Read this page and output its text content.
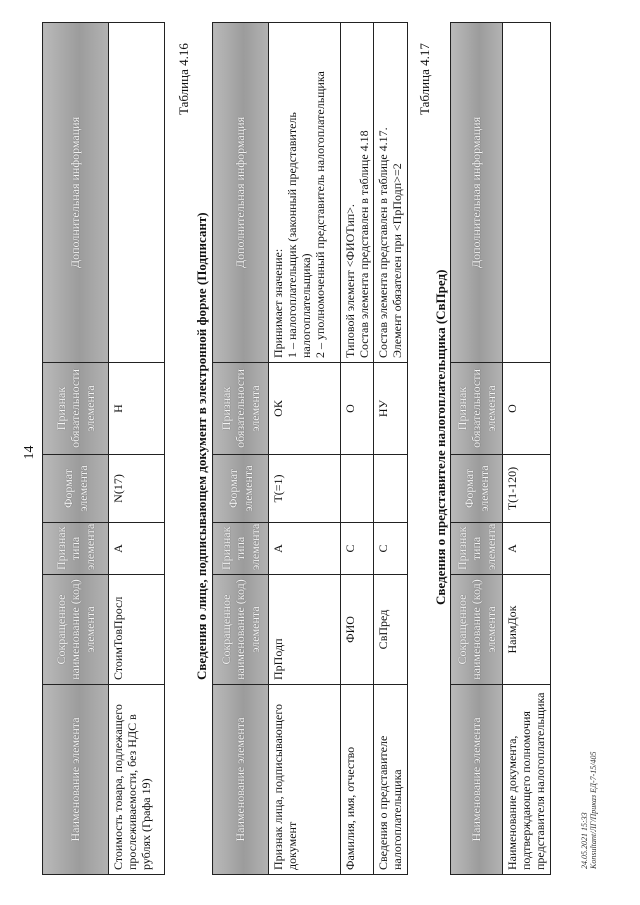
14
Наименование элемента	Сокращенное наименование (код) элемента	Признак типа элемента	Формат элемента	Признак обязательности элемента	Дополнительная информация
Стоимость товара, подлежащего прослеживаемости, без НДС в рублях (Графа 19)	СтоимТовПросл	А	N(17)	Н	
Таблица 4.16
Сведения о лице, подписывающем документ в электронной форме (Подписант)
Наименование элемента	Сокращенное наименование (код) элемента	Признак типа элемента	Формат элемента	Признак обязательности элемента	Дополнительная информация
Признак лица, подписывающего документ	ПрПодп	А	T(=1)	ОК	Принимает значение: 1 – налогоплательщик (законный представитель налогоплательщика) 2 – уполномоченный представитель налогоплательщика

Фамилия, имя, отчество	ФИО	С		О	Типовой элемент <ФИОТип>. Состав элемента представлен в таблице 4.18

Сведения о представителе налогоплательщика	СвПред	С		НУ	Состав элемента представлен в таблице 4.17. Элемент обязателен при <ПрПодп>=2
Таблица 4.17
Сведения о представителе налогоплательщика (СвПред)
Наименование элемента	Сокращенное наименование (код) элемента	Признак типа элемента	Формат элемента	Признак обязательности элемента	Дополнительная информация
Наименование документа, подтверждающего полномочия представителя налогоплательщика	НаимДок	А	T(1-120)	О	
24.05.2021 15:33 Konsultant/ЛГ/Приказ ЕД-7-15/405
